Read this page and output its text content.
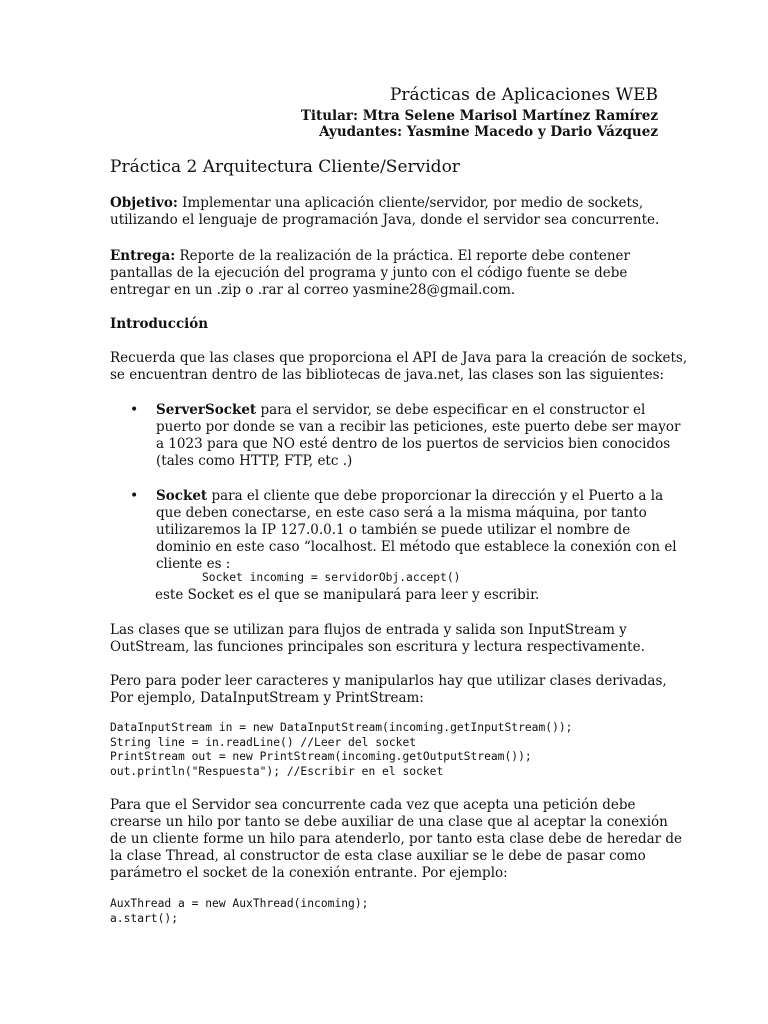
Prácticas de Aplicaciones WEB
Titular: Mtra Selene Marisol Martínez Ramírez
Ayudantes: Yasmine Macedo y Dario Vázquez
Práctica 2 Arquitectura Cliente/Servidor
Objetivo: Implementar una aplicación cliente/servidor, por medio de sockets,
utilizando el lenguaje de programación Java, donde el servidor sea concurrente.
Entrega: Reporte de la realización de la práctica. El reporte debe contener
pantallas de la ejecución del programa y junto con el código fuente se debe
entregar en un .zip o .rar al correo yasmine28@gmail.com.
Introducción
Recuerda que las clases que proporciona el API de Java para la creación de sockets,
se encuentran dentro de las bibliotecas de java.net, las clases son las siguientes:
• ServerSocket para el servidor, se debe especificar en el constructor el
puerto por donde se van a recibir las peticiones, este puerto debe ser mayor
a 1023 para que NO esté dentro de los puertos de servicios bien conocidos
(tales como HTTP, FTP, etc .)
• Socket para el cliente que debe proporcionar la dirección y el Puerto a la
que deben conectarse, en este caso será a la misma máquina, por tanto
utilizaremos la IP 127.0.0.1 o también se puede utilizar el nombre de
dominio en este caso “localhost. El método que establece la conexión con el
cliente es :
Socket incoming = servidorObj.accept()
este Socket es el que se manipulará para leer y escribir.
Las clases que se utilizan para flujos de entrada y salida son InputStream y
OutStream, las funciones principales son escritura y lectura respectivamente.
Pero para poder leer caracteres y manipularlos hay que utilizar clases derivadas,
Por ejemplo, DataInputStream y PrintStream:
DataInputStream in = new DataInputStream(incoming.getInputStream());
String line = in.readLine() //Leer del socket
PrintStream out = new PrintStream(incoming.getOutputStream());
out.println("Respuesta"); //Escribir en el socket
Para que el Servidor sea concurrente cada vez que acepta una petición debe
crearse un hilo por tanto se debe auxiliar de una clase que al aceptar la conexión
de un cliente forme un hilo para atenderlo, por tanto esta clase debe de heredar de
la clase Thread, al constructor de esta clase auxiliar se le debe de pasar como
parámetro el socket de la conexión entrante. Por ejemplo:
AuxThread a = new AuxThread(incoming);
a.start();
